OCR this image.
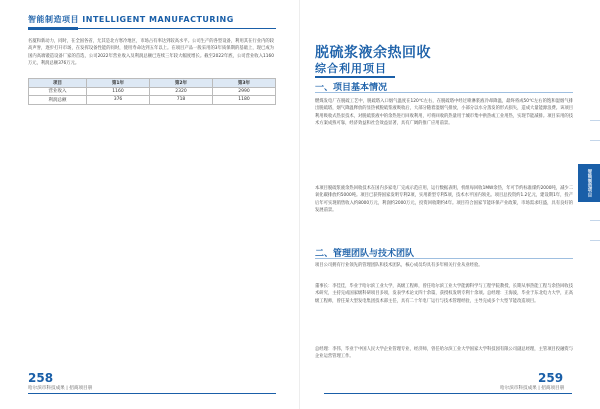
智能制造项目 INTELLIGENT MANUFACTURING

名厦和新动力，同时，在全国各省，尤其是北方寒冷地区，市场占有率达到较高水平。公司生产的各型设备，利用其在行业内的较高声誉，逐步打开市场，在发挥设备性能的同时，使用寿命达到五年以上。在项目产品一般采用的3年质保期的基础上，现已成为国内高端锻造设备厂家的首选，公司2022年营业收入及利润总额已连续三年较大幅度增长。截至2022年底，公司营业收入1160万元，利润总额376万元。

项目	第1年	第2年	第3年
营业收入	1160	2320	2990
利润总额	376	718	1180
脱硫浆液余热回收
综合利用项目
一、项目基本情况

燃煤发电厂在脱硫工艺中，脱硫塔入口烟气温度在120℃左右，在脱硫塔中经过喷淋浆液冷却降温，最终将成50℃左右的饱和湿烟气排出脱硫塔，烟气降温释放的显热被脱硫浆液吸收后，大部分随着湿烟气排放，小部分以水分蒸发的形式损失，造成大量能源浪费。该项目利用吸收式热泵技术，对脱硫浆液中的余热进行回收利用，可将回收的热量用于城市集中供热或工业用热，实现节能减排。项目采用的技术方案成熟可靠，经济效益和社会效益显著，具有广阔的推广应用前景。

本项目脱硫浆液余热回收技术在国内多家电厂完成示范应用，运行数据表明，机组每回收1MW余热，年可节约标准煤约2000吨，减少二氧化碳排放约5000吨。项目已获得国家发明专利2项，实用新型专利5项，技术水平国内领先。项目总投资约1.2亿元，建设期1年，投产后年可实现销售收入约8000万元，利润约2000万元，投资回收期约4年。项目符合国家节能环保产业政策，市场需求旺盛，具有良好的发展前景。

二、管理团队与技术团队

项目公司拥有行业领先的管理团队和技术团队，核心成员均具有多年相关行业从业经验。

董事长：李佳佳，毕业于哈尔滨工业大学，高级工程师，曾任哈尔滨工业大学能源科学与工程学院教授，长期从事热能工程与余热回收技术研究，主持完成国家级科研项目多项，发表学术论文四十余篇，获授权发明专利十余项。总经理：王海波，毕业于东北电力大学，正高级工程师，曾任某大型发电集团技术部主任，具有二十年电厂运行与技术管理经验，主导完成多个大型节能改造项目。

总经理：李伟，毕业于中国人民大学企业管理专业，经济师，曾任哈尔滨工业大学国家大学科技园有限公司副总经理，主管项目投融资与企业运营管理工作。

智能制造项目
258
哈尔滨市科技成果 | 招商项目册
259
哈尔滨市科技成果 | 招商项目册
